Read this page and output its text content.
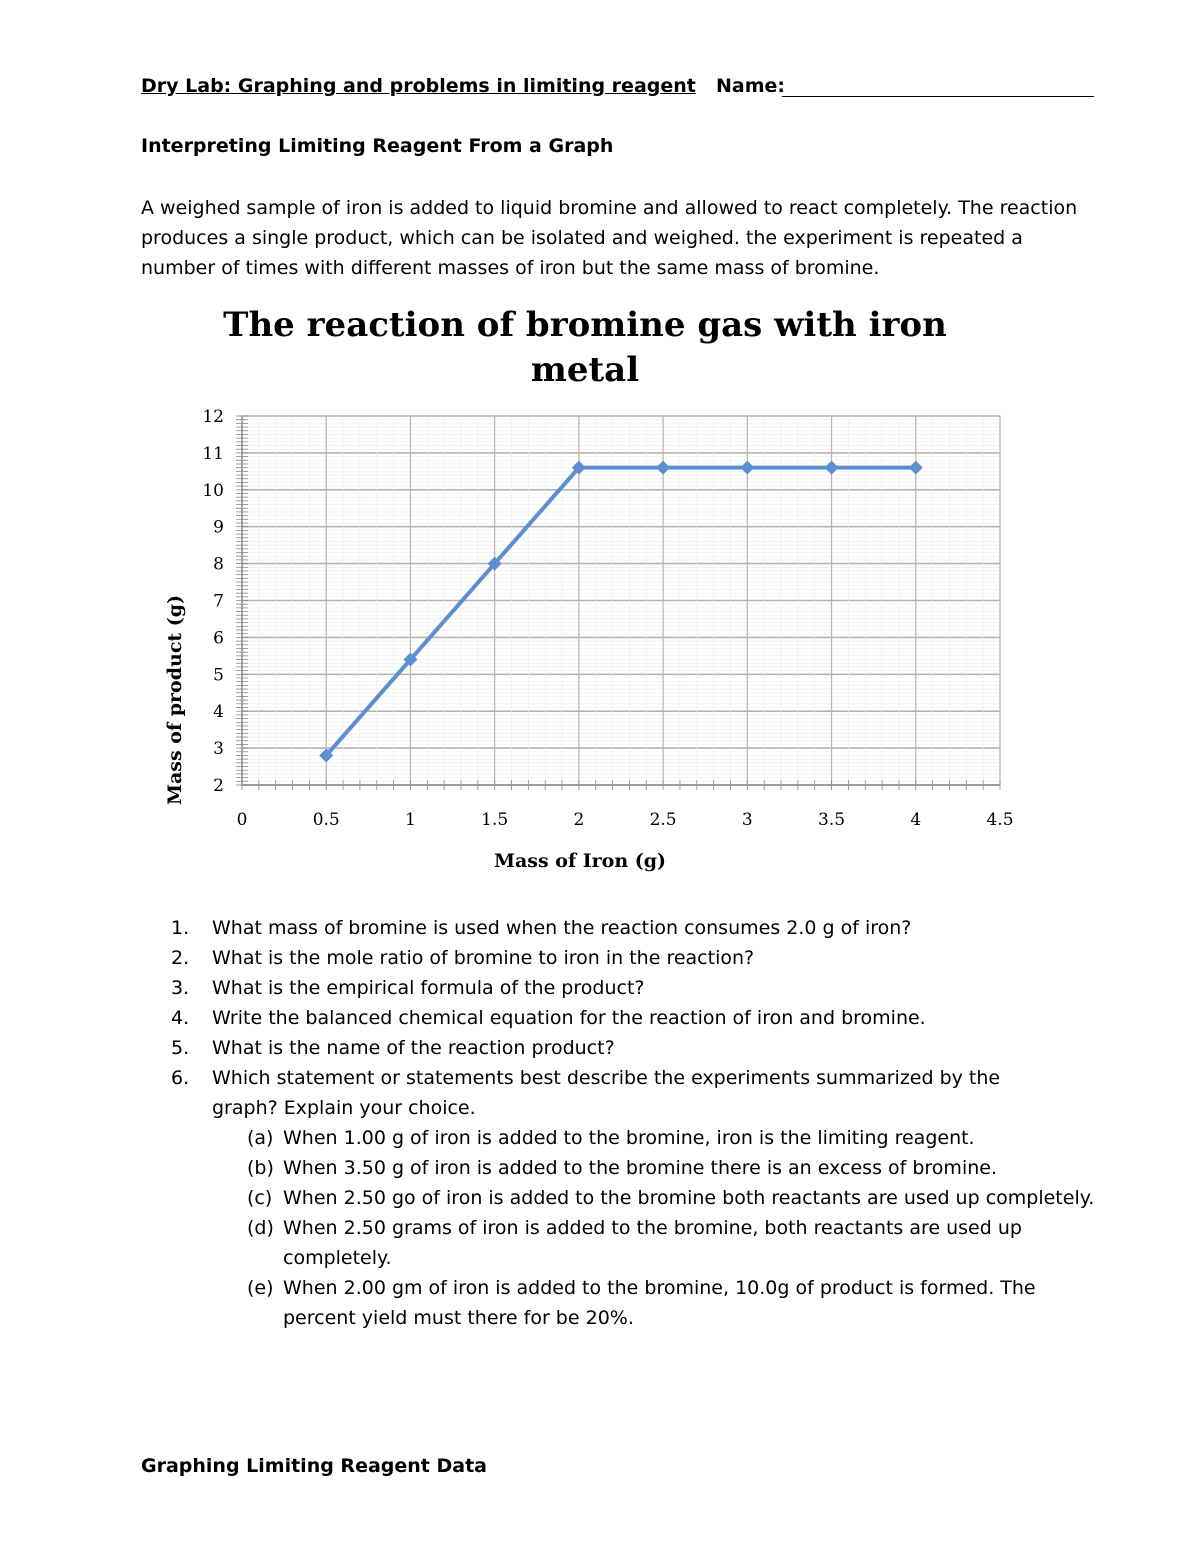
Dry Lab: Graphing and problems in limiting reagent Name:
Interpreting Limiting Reagent From a Graph
A weighed sample of iron is added to liquid bromine and allowed to react completely. The reaction produces a single product, which can be isolated and weighed. the experiment is repeated a number of times with different masses of iron but the same mass of bromine.
The reaction of bromine gas with iron
metal
0	0.5	1	1.5	2	2.5	3	3.5	4	4.5
2
3
4
5
6
7
8
9
10
11
12
Mass of Iron (g)
Mass of product (g)
1.	What mass of bromine is used when the reaction consumes 2.0 g of iron?
2.	What is the mole ratio of bromine to iron in the reaction?
3.	What is the empirical formula of the product?
4.	Write the balanced chemical equation for the reaction of iron and bromine.
5.	What is the name of the reaction product?
6.	Which statement or statements best describe the experiments summarized by the graph? Explain your choice.
(a) When 1.00 g of iron is added to the bromine, iron is the limiting reagent.
(b) When 3.50 g of iron is added to the bromine there is an excess of bromine.
(c) When 2.50 go of iron is added to the bromine both reactants are used up completely.
(d) When 2.50 grams of iron is added to the bromine, both reactants are used up completely.
(e) When 2.00 gm of iron is added to the bromine, 10.0g of product is formed. The percent yield must there for be 20%.
Graphing Limiting Reagent Data
